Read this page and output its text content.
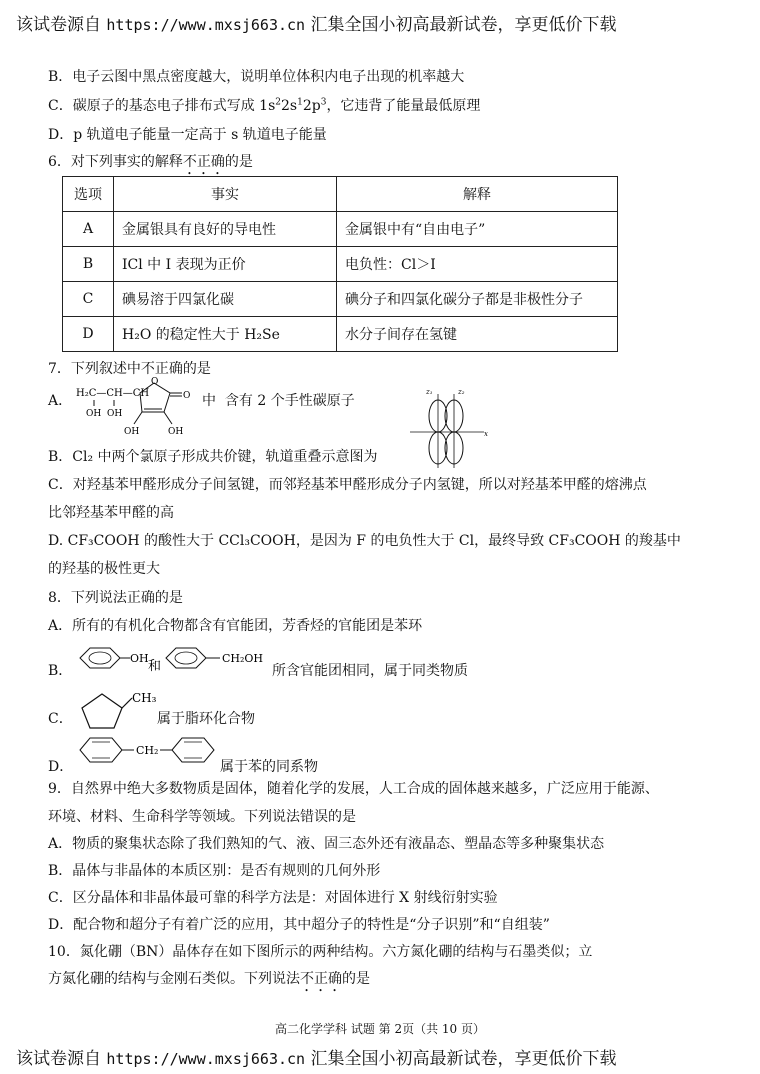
该试卷源自 https://www.mxsj663.cn 汇集全国小初高最新试卷，享更低价下载
B．电子云图中黑点密度越大，说明单位体积内电子出现的机率越大
C．碳原子的基态电子排布式写成 $1s^22s^12p^3$，它违背了能量最低原理
D．p 轨道电子能量一定高于 s 轨道电子能量
6．对下列事实的解释不正确的是
选项	事实	解释
A	金属银具有良好的导电性	金属银中有“自由电子”
B	ICl 中 I 表现为正价	电负性：Cl＞I
C	碘易溶于四氯化碳	碘分子和四氯化碳分子都是非极性分子
D	H₂O 的稳定性大于 H₂Se	水分子间存在氢键
7．下列叙述中不正确的是
A． H₂C—CH—CH
OH OH
O
O
OH	OH
中 含有 2 个手性碳原子
x
z₁	z₂
B．Cl₂ 中两个氯原子形成共价键，轨道重叠示意图为
C．对羟基苯甲醛形成分子间氢键，而邻羟基苯甲醛形成分子内氢键，所以对羟基苯甲醛的熔沸点
比邻羟基苯甲醛的高
D. CF₃COOH 的酸性大于 CCl₃COOH，是因为 F 的电负性大于 Cl，最终导致 CF₃COOH 的羧基中
的羟基的极性更大
8．下列说法正确的是
A．所有的有机化合物都含有官能团，芳香烃的官能团是苯环
B．
OH
和
CH₂OH
所含官能团相同，属于同类物质
C．
CH₃
属于脂环化合物
D．
CH₂
属于苯的同系物
9．自然界中绝大多数物质是固体，随着化学的发展，人工合成的固体越来越多，广泛应用于能源、
环境、材料、生命科学等领域。下列说法错误的是
A．物质的聚集状态除了我们熟知的气、液、固三态外还有液晶态、塑晶态等多种聚集状态
B．晶体与非晶体的本质区别：是否有规则的几何外形
C．区分晶体和非晶体最可靠的科学方法是：对固体进行 X 射线衍射实验
D．配合物和超分子有着广泛的应用，其中超分子的特性是“分子识别”和“自组装”
10．氮化硼（BN）晶体存在如下图所示的两种结构。六方氮化硼的结构与石墨类似；立
方氮化硼的结构与金刚石类似。下列说法不正确的是
高二化学学科 试题 第 2页（共 10 页）
该试卷源自 https://www.mxsj663.cn 汇集全国小初高最新试卷，享更低价下载
